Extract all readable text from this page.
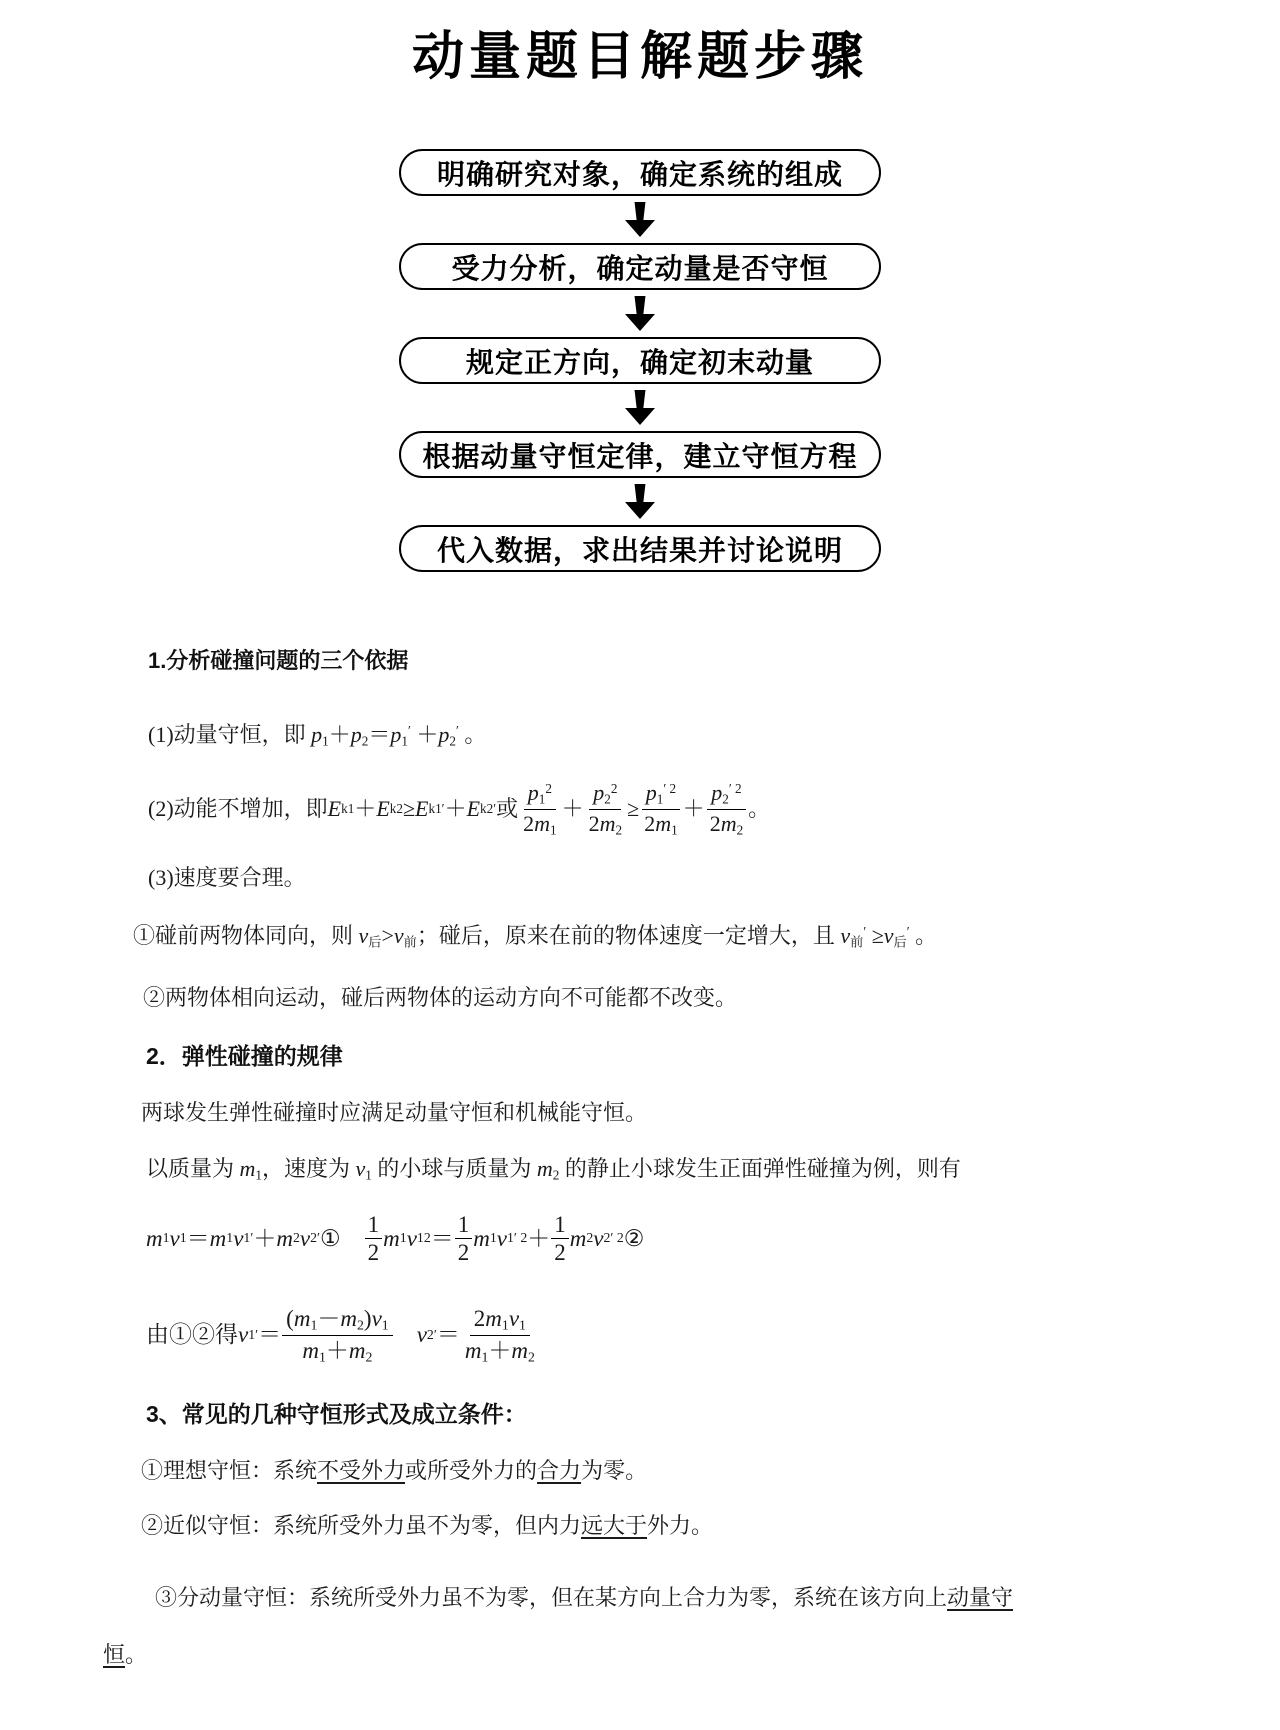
动量题目解题步骤
明确研究对象，确定系统的组成
受力分析，确定动量是否守恒
规定正方向，确定初末动量
根据动量守恒定律，建立守恒方程
代入数据，求出结果并讨论说明
1.分析碰撞问题的三个依据
(1)动量守恒，即 p1＋p2＝p1′ ＋p2′ 。
(2)动能不增加，即 E k1 ＋ E k2 ≥ E k1 ′ ＋ E k2 ′ 或 $\frac{p1^2}{2m1} + \frac{p2^2}{2m2} \ge \frac{p1^{' 2}}{2m1} + \frac{p2^{' 2}}{2m2}$ 。
(3)速度要合理。
①碰前两物体同向，则 v后>v前；碰后，原来在前的物体速度一定增大，且 v前′ ≥v后′ 。
②两物体相向运动，碰后两物体的运动方向不可能都不改变。
2．弹性碰撞的规律
两球发生弹性碰撞时应满足动量守恒和机械能守恒。
以质量为 m1，速度为 v1 的小球与质量为 m2 的静止小球发生正面弹性碰撞为例，则有
m 1 v 1 ＝ m 1 v 1 ′ ＋ m 2 v 2 ′ ①　 $\frac{1}{2}$ m 1 v 1 $2 = \frac{1}{2}$ m 1 v 1 ′ $2 + \frac{1}{2}$ m 2 v 2 ′ 2 ②
由①②得 v 1 ′ ＝ $\frac{(m1-m2)v1}{m1+m2}$
　 v 2 ′ ＝ $\frac{2m1v1}{m1+m2}$
3、常见的几种守恒形式及成立条件：
①理想守恒：系统不受外力或所受外力的合力为零。
②近似守恒：系统所受外力虽不为零，但内力远大于外力。
③分动量守恒：系统所受外力虽不为零，但在某方向上合力为零，系统在该方向上动量守恒。
